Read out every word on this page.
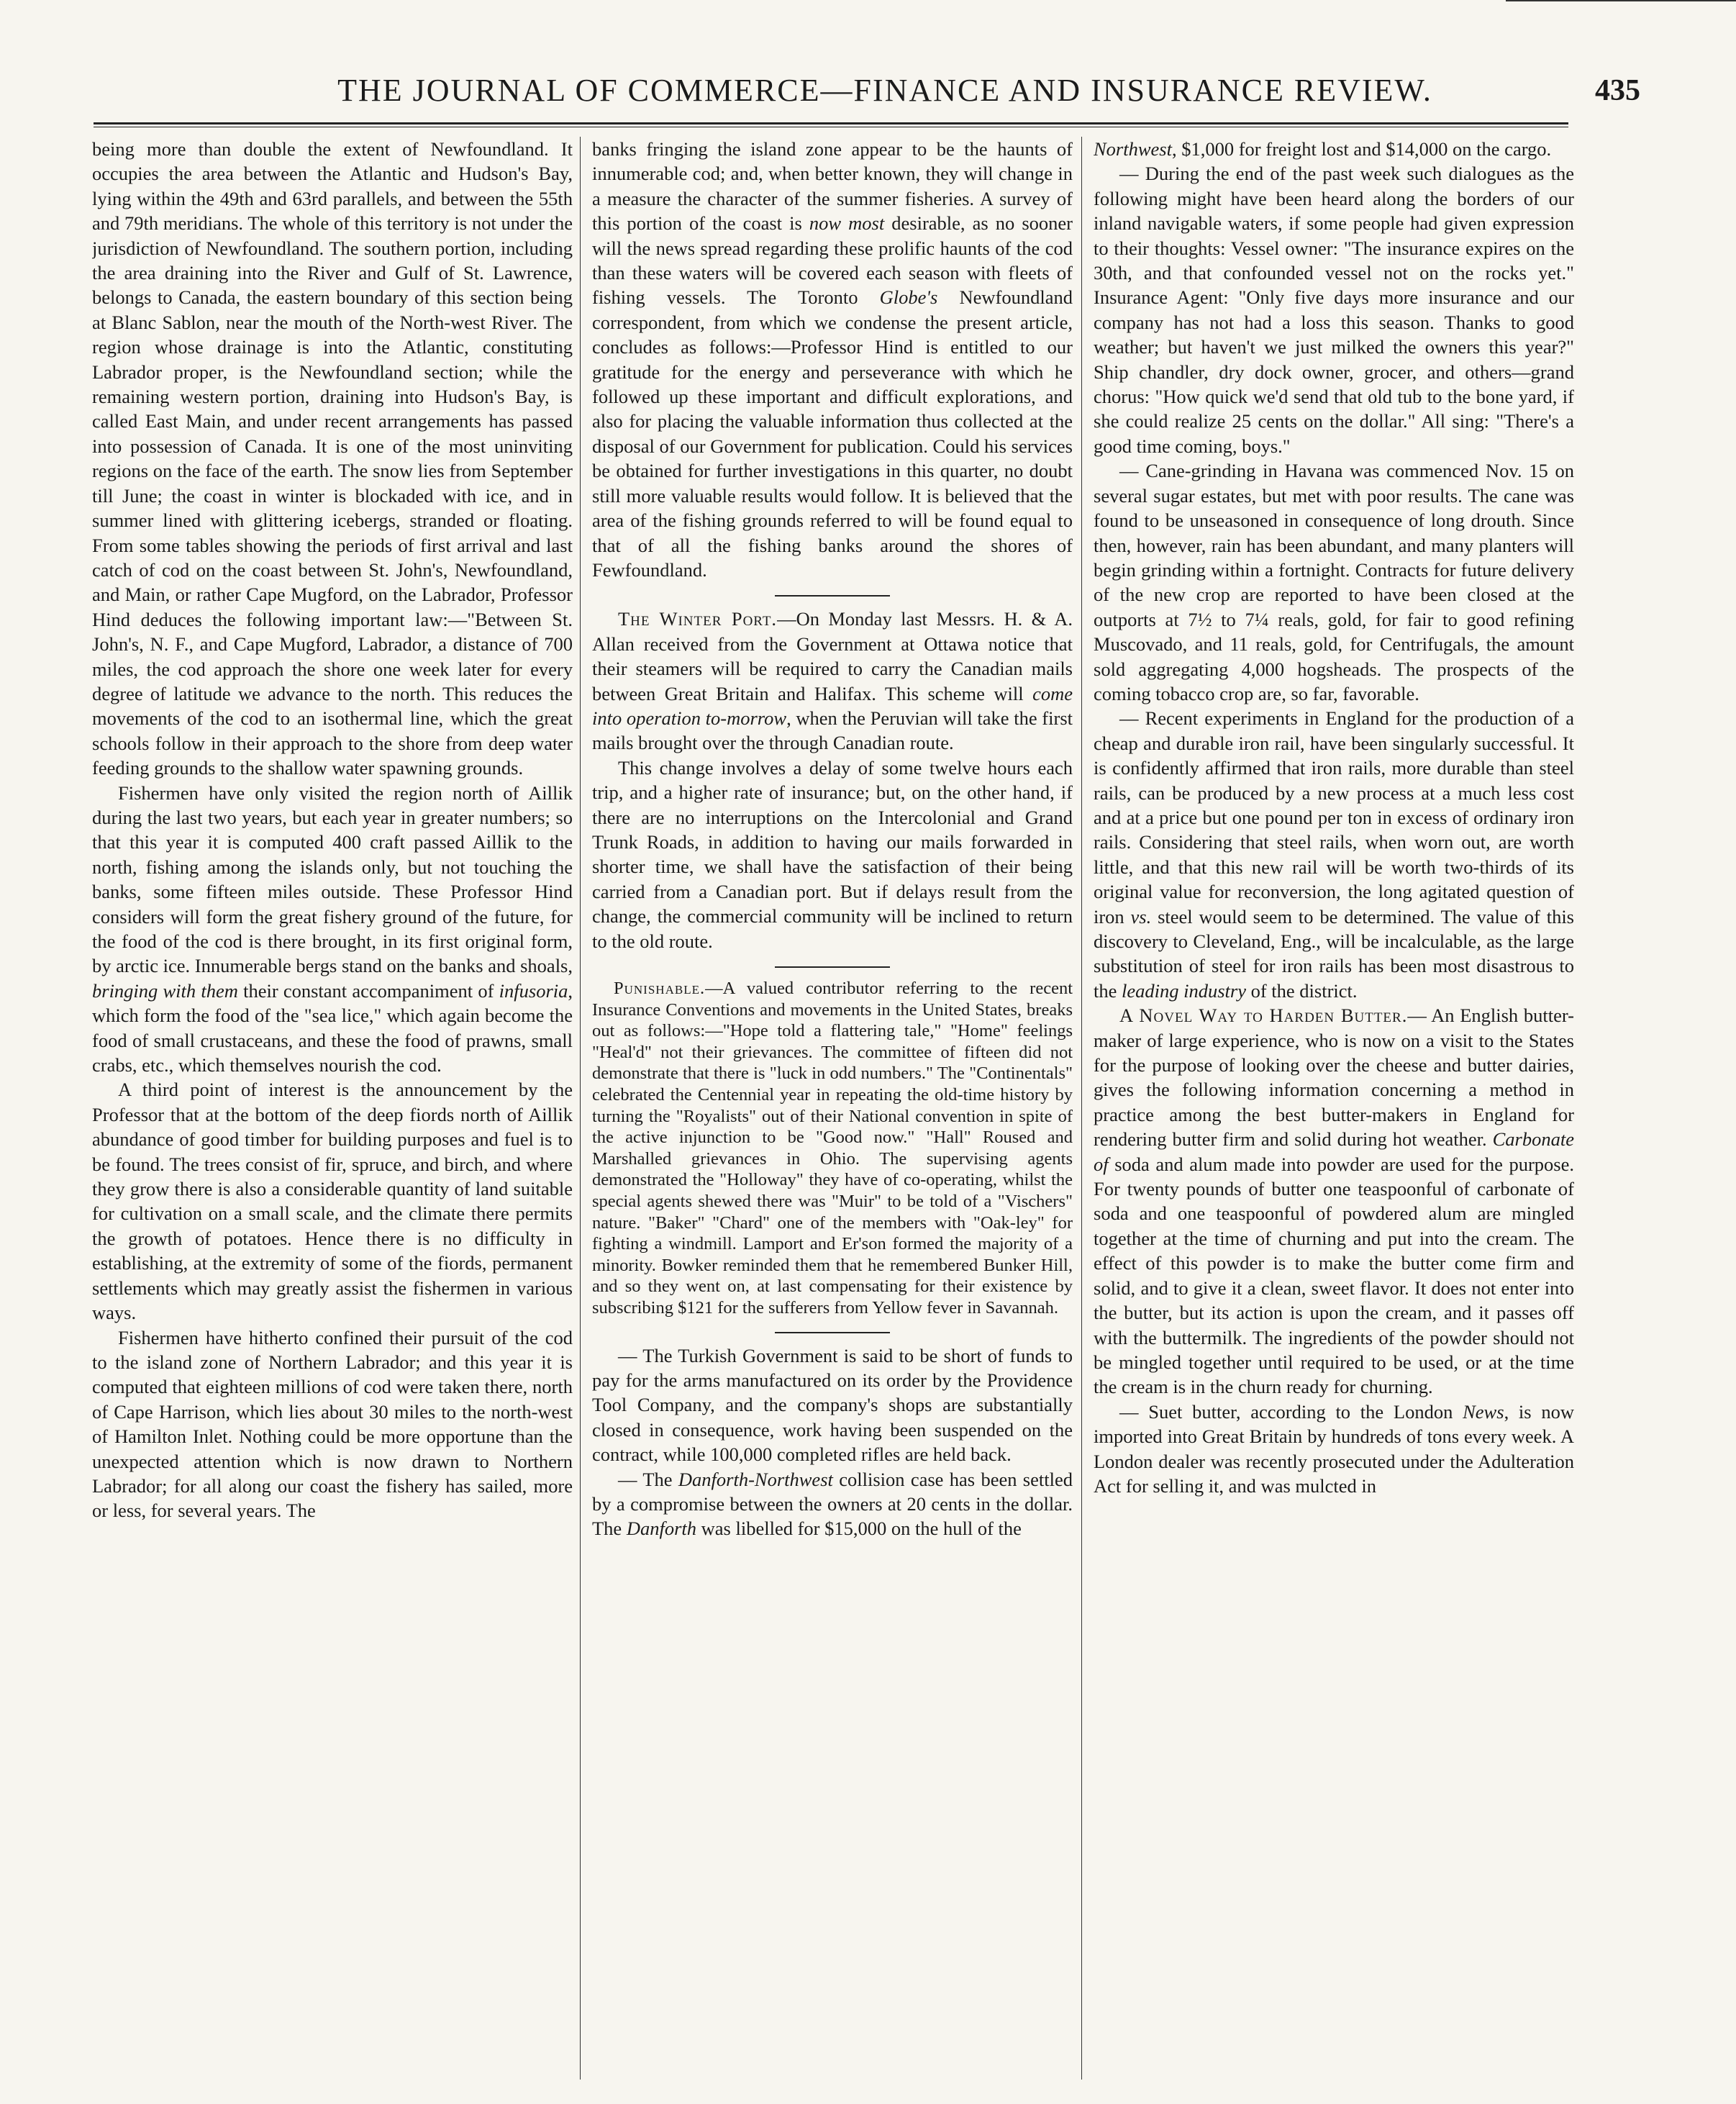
THE JOURNAL OF COMMERCE—FINANCE AND INSURANCE REVIEW.	435

being more than double the extent of Newfoundland. It occupies the area between the Atlantic and Hudson's Bay, lying within the 49th and 63rd parallels, and between the 55th and 79th meridians. The whole of this territory is not under the jurisdiction of Newfoundland. The southern portion, including the area draining into the River and Gulf of St. Lawrence, belongs to Canada, the eastern boundary of this section being at Blanc Sablon, near the mouth of the North-west River. The region whose drainage is into the Atlantic, constituting Labrador proper, is the Newfoundland section; while the remaining western portion, draining into Hudson's Bay, is called East Main, and under recent arrangements has passed into possession of Canada. It is one of the most uninviting regions on the face of the earth. The snow lies from September till June; the coast in winter is blockaded with ice, and in summer lined with glittering icebergs, stranded or floating. From some tables showing the periods of first arrival and last catch of cod on the coast between St. John's, Newfoundland, and Main, or rather Cape Mugford, on the Labrador, Professor Hind deduces the following important law:—"Between St. John's, N. F., and Cape Mugford, Labrador, a distance of 700 miles, the cod approach the shore one week later for every degree of latitude we advance to the north. This reduces the movements of the cod to an isothermal line, which the great schools follow in their approach to the shore from deep water feeding grounds to the shallow water spawning grounds.

Fishermen have only visited the region north of Aillik during the last two years, but each year in greater numbers; so that this year it is computed 400 craft passed Aillik to the north, fishing among the islands only, but not touching the banks, some fifteen miles outside. These Professor Hind considers will form the great fishery ground of the future, for the food of the cod is there brought, in its first original form, by arctic ice. Innumerable bergs stand on the banks and shoals, bringing with them their constant accompaniment of infusoria, which form the food of the "sea lice," which again become the food of small crustaceans, and these the food of prawns, small crabs, etc., which themselves nourish the cod.

A third point of interest is the announcement by the Professor that at the bottom of the deep fiords north of Aillik abundance of good timber for building purposes and fuel is to be found. The trees consist of fir, spruce, and birch, and where they grow there is also a considerable quantity of land suitable for cultivation on a small scale, and the climate there permits the growth of potatoes. Hence there is no difficulty in establishing, at the extremity of some of the fiords, permanent settlements which may greatly assist the fishermen in various ways.

Fishermen have hitherto confined their pursuit of the cod to the island zone of Northern Labrador; and this year it is computed that eighteen millions of cod were taken there, north of Cape Harrison, which lies about 30 miles to the north-west of Hamilton Inlet. Nothing could be more opportune than the unexpected attention which is now drawn to Northern Labrador; for all along our coast the fishery has sailed, more or less, for several years. The

banks fringing the island zone appear to be the haunts of innumerable cod; and, when better known, they will change in a measure the character of the summer fisheries. A survey of this portion of the coast is now most desirable, as no sooner will the news spread regarding these prolific haunts of the cod than these waters will be covered each season with fleets of fishing vessels. The Toronto Globe's Newfoundland correspondent, from which we condense the present article, concludes as follows:—Professor Hind is entitled to our gratitude for the energy and perseverance with which he followed up these important and difficult explorations, and also for placing the valuable information thus collected at the disposal of our Government for publication. Could his services be obtained for further investigations in this quarter, no doubt still more valuable results would follow. It is believed that the area of the fishing grounds referred to will be found equal to that of all the fishing banks around the shores of Fewfoundland.

The Winter Port.—On Monday last Messrs. H. & A. Allan received from the Government at Ottawa notice that their steamers will be required to carry the Canadian mails between Great Britain and Halifax. This scheme will come into operation to-morrow, when the Peruvian will take the first mails brought over the through Canadian route.

This change involves a delay of some twelve hours each trip, and a higher rate of insurance; but, on the other hand, if there are no interruptions on the Intercolonial and Grand Trunk Roads, in addition to having our mails forwarded in shorter time, we shall have the satisfaction of their being carried from a Canadian port. But if delays result from the change, the commercial community will be inclined to return to the old route.

Punishable.—A valued contributor referring to the recent Insurance Conventions and movements in the United States, breaks out as follows:—"Hope told a flattering tale," "Home" feelings "Heal'd" not their grievances. The committee of fifteen did not demonstrate that there is "luck in odd numbers." The "Continentals" celebrated the Centennial year in repeating the old-time history by turning the "Royalists" out of their National convention in spite of the active injunction to be "Good now." "Hall" Roused and Marshalled grievances in Ohio. The supervising agents demonstrated the "Holloway" they have of co-operating, whilst the special agents shewed there was "Muir" to be told of a "Vischers" nature. "Baker" "Chard" one of the members with "Oak-ley" for fighting a windmill. Lamport and Er'son formed the majority of a minority. Bowker reminded them that he remembered Bunker Hill, and so they went on, at last compensating for their existence by subscribing $121 for the sufferers from Yellow fever in Savannah.

— The Turkish Government is said to be short of funds to pay for the arms manufactured on its order by the Providence Tool Company, and the company's shops are substantially closed in consequence, work having been suspended on the contract, while 100,000 completed rifles are held back.

— The Danforth-Northwest collision case has been settled by a compromise between the owners at 20 cents in the dollar. The Danforth was libelled for $15,000 on the hull of the

Northwest, $1,000 for freight lost and $14,000 on the cargo.

— During the end of the past week such dialogues as the following might have been heard along the borders of our inland navigable waters, if some people had given expression to their thoughts: Vessel owner: "The insurance expires on the 30th, and that confounded vessel not on the rocks yet." Insurance Agent: "Only five days more insurance and our company has not had a loss this season. Thanks to good weather; but haven't we just milked the owners this year?" Ship chandler, dry dock owner, grocer, and others—grand chorus: "How quick we'd send that old tub to the bone yard, if she could realize 25 cents on the dollar." All sing: "There's a good time coming, boys."

— Cane-grinding in Havana was commenced Nov. 15 on several sugar estates, but met with poor results. The cane was found to be unseasoned in consequence of long drouth. Since then, however, rain has been abundant, and many planters will begin grinding within a fortnight. Contracts for future delivery of the new crop are reported to have been closed at the outports at 7½ to 7¼ reals, gold, for fair to good refining Muscovado, and 11 reals, gold, for Centrifugals, the amount sold aggregating 4,000 hogsheads. The prospects of the coming tobacco crop are, so far, favorable.

— Recent experiments in England for the production of a cheap and durable iron rail, have been singularly successful. It is confidently affirmed that iron rails, more durable than steel rails, can be produced by a new process at a much less cost and at a price but one pound per ton in excess of ordinary iron rails. Considering that steel rails, when worn out, are worth little, and that this new rail will be worth two-thirds of its original value for reconversion, the long agitated question of iron vs. steel would seem to be determined. The value of this discovery to Cleveland, Eng., will be incalculable, as the large substitution of steel for iron rails has been most disastrous to the leading industry of the district.

A Novel Way to Harden Butter.— An English butter-maker of large experience, who is now on a visit to the States for the purpose of looking over the cheese and butter dairies, gives the following information concerning a method in practice among the best butter-makers in England for rendering butter firm and solid during hot weather. Carbonate of soda and alum made into powder are used for the purpose. For twenty pounds of butter one teaspoonful of carbonate of soda and one teaspoonful of powdered alum are mingled together at the time of churning and put into the cream. The effect of this powder is to make the butter come firm and solid, and to give it a clean, sweet flavor. It does not enter into the butter, but its action is upon the cream, and it passes off with the buttermilk. The ingredients of the powder should not be mingled together until required to be used, or at the time the cream is in the churn ready for churning.

— Suet butter, according to the London News, is now imported into Great Britain by hundreds of tons every week. A London dealer was recently prosecuted under the Adulteration Act for selling it, and was mulcted in
